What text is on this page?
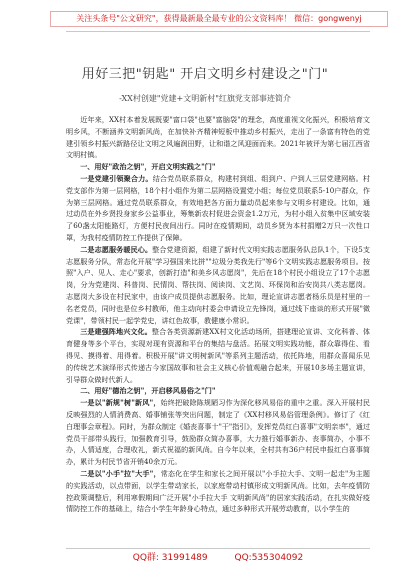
关注头条号"公文研究"，获得最新最全最专业的公文资料库！ 微信：gongwenyj
用好三把"钥匙" 开启文明乡村建设之"门"
-XX村创建"党建+文明新村"红旗党支部事迹简介

近年来，XX村本着发展既要"富口袋"也要"富脑袋"的理念，高度重视文化振兴，积极培育文明乡风，不断涵养文明新风尚，在加快补齐精神短板中推动乡村振兴，走出了一条富有特色的党建引领乡村振兴新路径让文明之风遍润田野，让和谐之风迎面而来。2021年被评为第七届江西省文明村镇。

一、用好"政治之钥"，开启文明实践之"门"

一是党建引领聚合力。结合党员联系群众，构建村到组、组到户、户到人三层党建网格。村党支部作为第一层网格，18个村小组作为第二层网格设置党小组；每位党员联系5-10户群众，作为第三层网格。通过党员联系群众，有效地把各方面力量动员起来参与文明乡村建设。比如，通过动员在外乡贤投身家乡公益事业，筹集新农村促进会资金1.2万元，为村小组入贫集中区域安装了60盏太阳能路灯，方便村民夜间出行。同时在疫情期间，动员乡贤为本村捐赠2万只一次性口罩，为我村疫情防控工作提供了保障。

二是志愿服务暖民心。整合党建资源，组建了新时代文明实践志愿服务队总队1个，下设5支志愿服务分队，常态化开展"学习强国来比拼""垃圾分类我先行"等6个文明实践志愿服务项目。按照"入户、见人、走心"要求，创新打造"和美乡风志愿岗"，先后在18个村民小组设立了17个志愿岗，分为党建岗、科普岗、民情岗、帮扶岗、阅读岗、文艺岗、环保岗和治安岗共八类志愿岗。志愿岗大多设在村民家中，由该户成员提供志愿服务。比如，理论宣讲志愿者杨乐员是村里的一名老党员，同时也是位乡村教师，他主动向村委会申请设立先锋岗，通过线下座谈的形式开展"微党课"，带领村民一起学党史，讲红色故事，教健康小常识。

三是建强阵地兴文化。整合各类资源新建XX村文化活动场所，搭建理论宣讲、文化科普、体育健身等多个平台，实现对现有资源和平台的集结与盘活。拓展文明实践功能，群众靠得住、看得见、摸得着、用得着。积极开展"讲文明树新风"等系列主题活动，依托阵地，用群众喜闻乐见的传统艺术演绎形式传递古今家国故事和社会主义核心价值观融合起来，开展10多场主题宣讲，引导群众做时代新人。

二、用好"德治之钥"，开启移风易俗之"门"

一是以"新规"树"新风"，始终把破除陈规陋习作为深化移风易俗的重中之重。深入开展村民反映强烈的人情消费高、婚事铺张等突出问题，制定了《XX村移风易俗管理条例》。修订了《红白理事会章程》。同时，为群众制定《婚丧喜事十"干"指引》，发挥党员红白喜事"文明亲率"，通过党员干部带头践行，加强教育引导，鼓励群众简办喜事，大力推行婚事新办、丧事简办，小事不办，人情适度，合理收礼，新式祝福的新风尚。自今年以来，全村共有36户村民申报红白喜事简办，累计为村民节省开销40余万元。

二是以"小手"拉"大手"，常态化在学生和家长之间开展以"小手拉大手、文明一起走"为主题的实践活动，以点带面，以学生带动家长，以家庭带动村镇形成文明新风尚。比如，去年疫情防控政策调整后，利用寒假期间广泛开展"小手拉大手 文明新风尚"的居家实践活动，在扎实做好疫情防控工作的基础上，结合小学生年龄身心特点，通过多种形式开展劳动教育，以小学生的

QQ群: 31991489	QQ:535304092
